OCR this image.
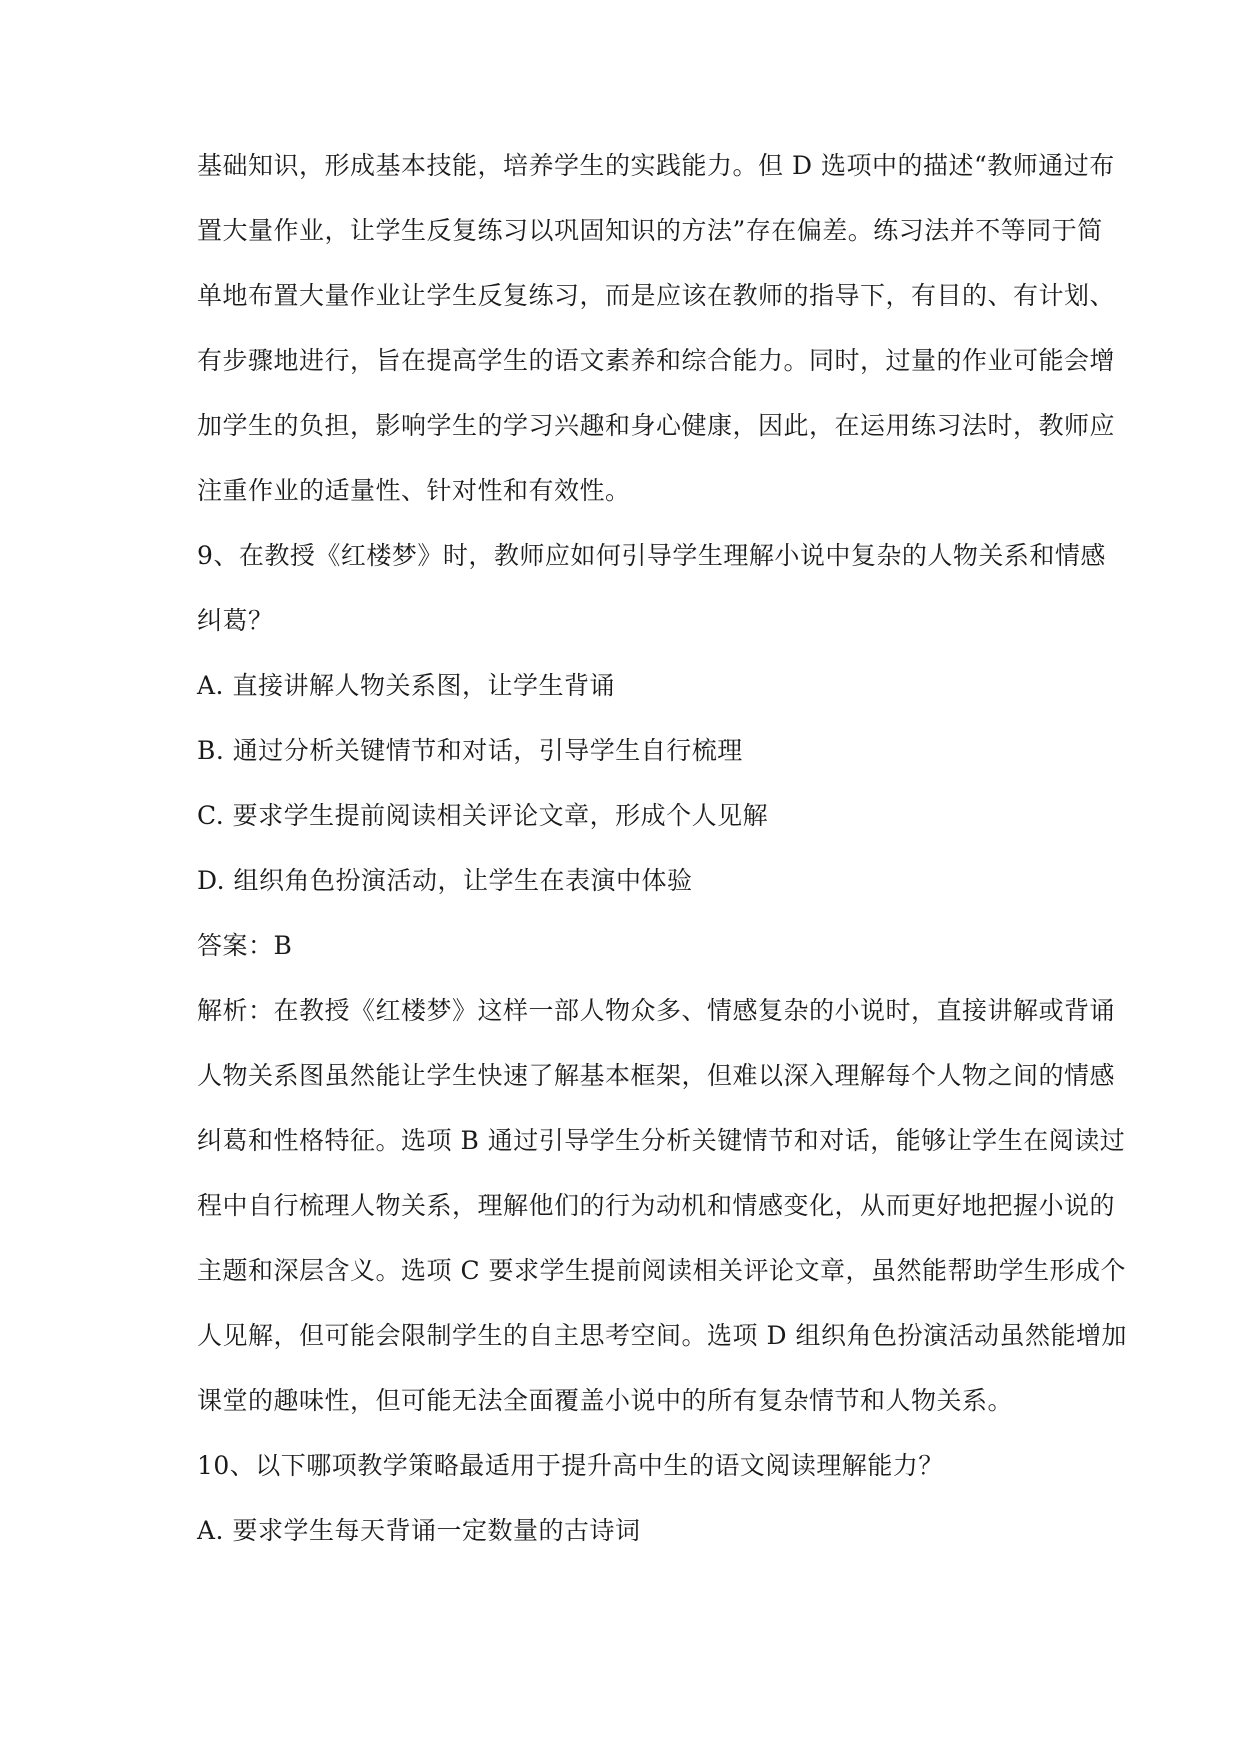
基础知识，形成基本技能，培养学生的实践能力。但 D 选项中的描述“教师通过布
置大量作业，让学生反复练习以巩固知识的方法”存在偏差。练习法并不等同于简
单地布置大量作业让学生反复练习，而是应该在教师的指导下，有目的、有计划、
有步骤地进行，旨在提高学生的语文素养和综合能力。同时，过量的作业可能会增
加学生的负担，影响学生的学习兴趣和身心健康，因此，在运用练习法时，教师应
注重作业的适量性、针对性和有效性。
9、在教授《红楼梦》时，教师应如何引导学生理解小说中复杂的人物关系和情感
纠葛？
A. 直接讲解人物关系图，让学生背诵
B. 通过分析关键情节和对话，引导学生自行梳理
C. 要求学生提前阅读相关评论文章，形成个人见解
D. 组织角色扮演活动，让学生在表演中体验
答案：B
解析：在教授《红楼梦》这样一部人物众多、情感复杂的小说时，直接讲解或背诵
人物关系图虽然能让学生快速了解基本框架，但难以深入理解每个人物之间的情感
纠葛和性格特征。选项 B 通过引导学生分析关键情节和对话，能够让学生在阅读过
程中自行梳理人物关系，理解他们的行为动机和情感变化，从而更好地把握小说的
主题和深层含义。选项 C 要求学生提前阅读相关评论文章，虽然能帮助学生形成个
人见解，但可能会限制学生的自主思考空间。选项 D 组织角色扮演活动虽然能增加
课堂的趣味性，但可能无法全面覆盖小说中的所有复杂情节和人物关系。
10、以下哪项教学策略最适用于提升高中生的语文阅读理解能力？
A. 要求学生每天背诵一定数量的古诗词
